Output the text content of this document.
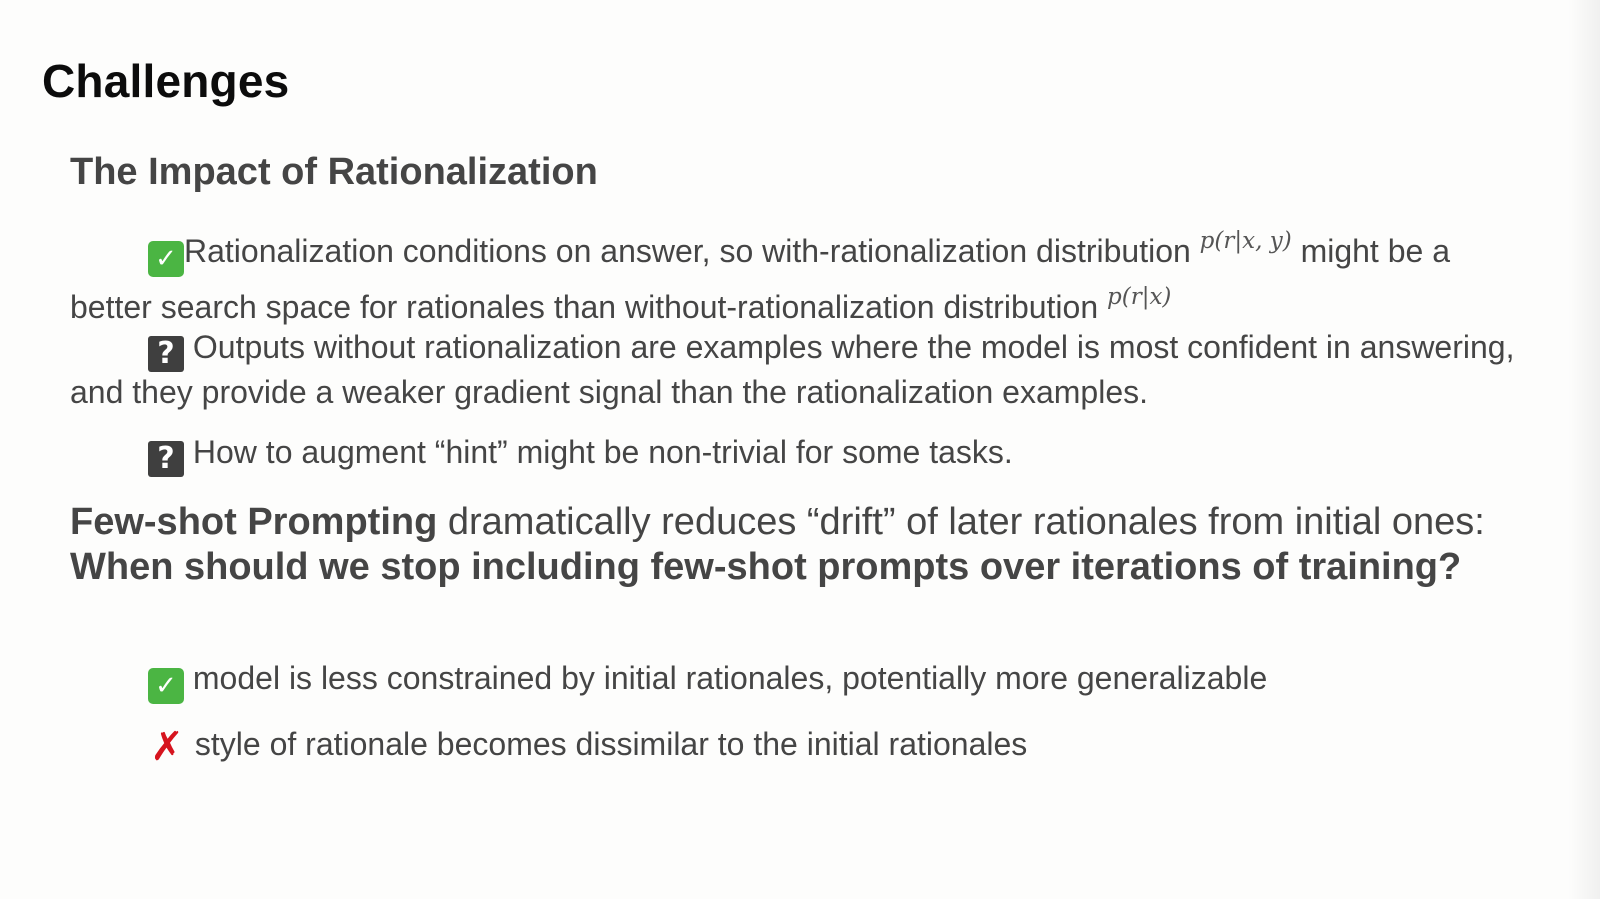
Challenges
The Impact of Rationalization
✓ Rationalization conditions on answer, so with-rationalization distribution $^{p(r|x, y)}$ might be a better search space for rationales than without-rationalization distribution $^{p(r|x)}$
? Outputs without rationalization are examples where the model is most confident in answering, and they provide a weaker gradient signal than the rationalization examples.
? How to augment “hint” might be non-trivial for some tasks.
Few-shot Prompting dramatically reduces “drift” of later rationales from initial ones: When should we stop including few-shot prompts over iterations of training?
✓ model is less constrained by initial rationales, potentially more generalizable
✗ style of rationale becomes dissimilar to the initial rationales
